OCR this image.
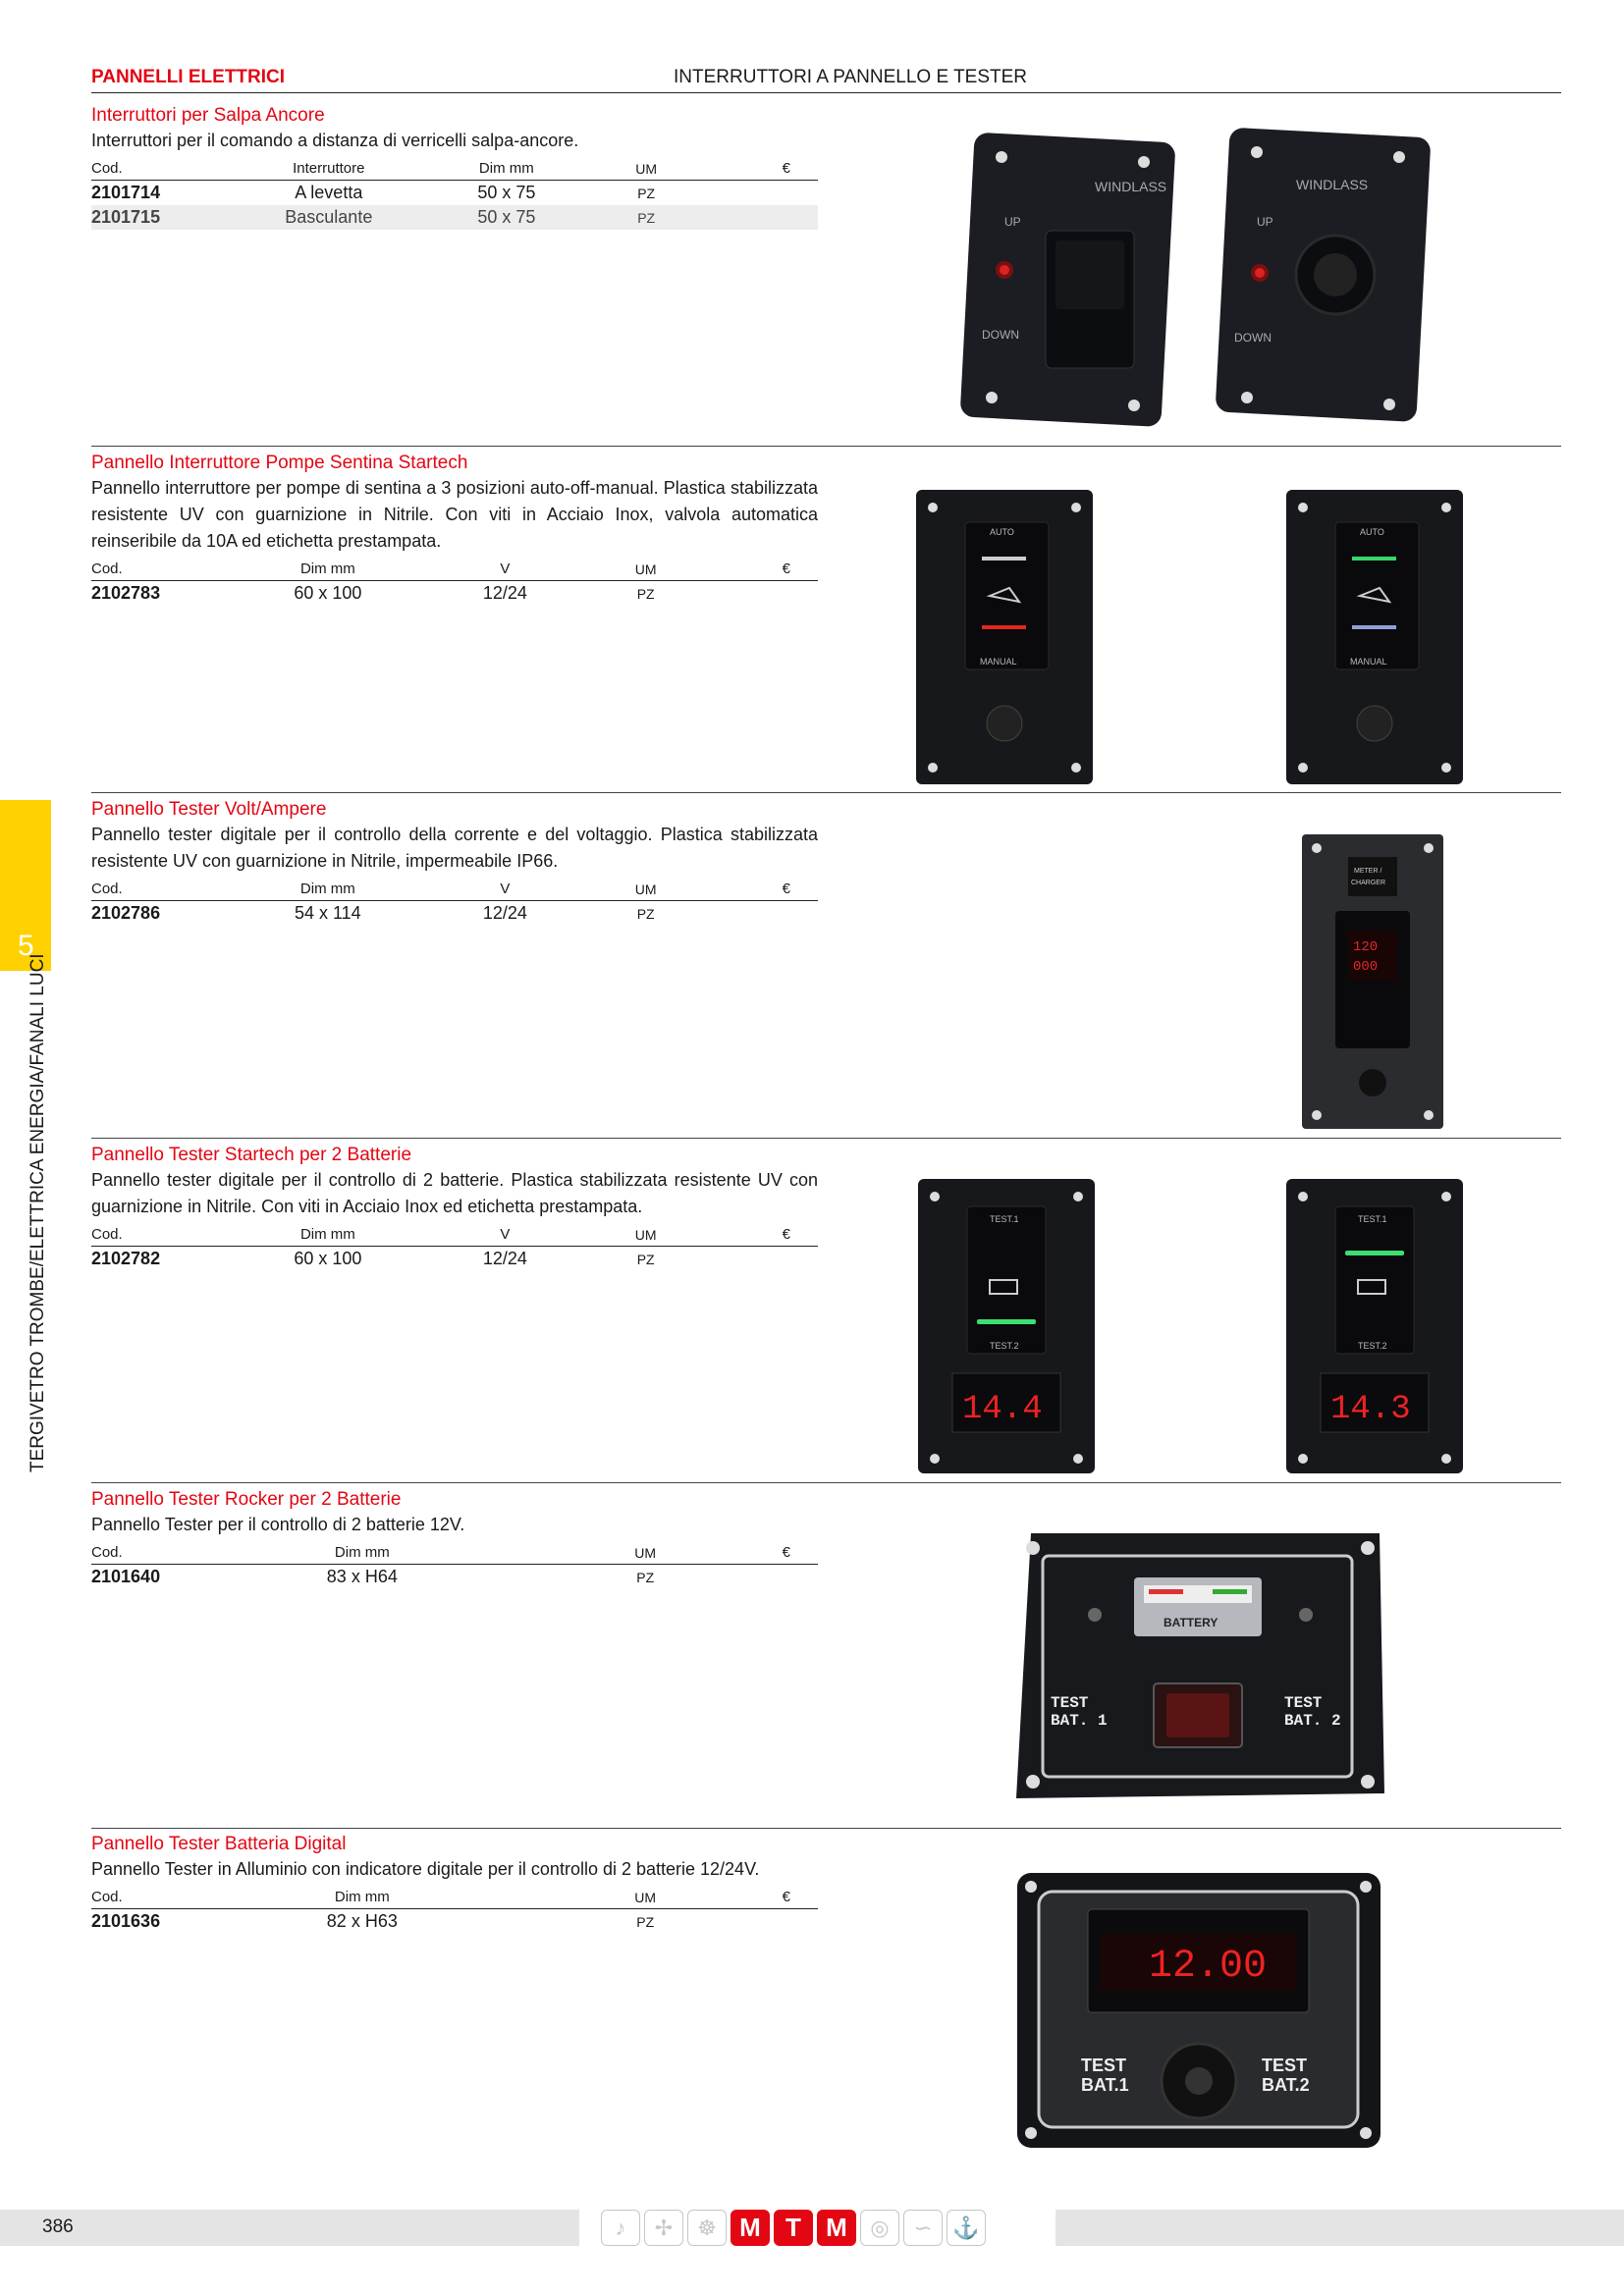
PANNELLI ELETTRICI	INTERRUTTORI A PANNELLO E TESTER
5
TERGIVETRO TROMBE/ELETTRICA ENERGIA/FANALI LUCI
Interruttori per Salpa Ancore
Interruttori per il comando a distanza di verricelli salpa-ancore.
Cod.	Interruttore	Dim mm	UM	€
2101714	A levetta	50 x 75	PZ	
2101715	Basculante	50 x 75	PZ	
Pannello Interruttore Pompe Sentina Startech
Pannello interruttore per pompe di sentina a 3 posizioni auto-off-manual. Plastica stabilizzata resistente UV con guarnizione in Nitrile. Con viti in Acciaio Inox, valvola automatica reinseribile da 10A ed etichetta prestampata.
Cod.	Dim mm	V	UM	€
2102783	60 x 100	12/24	PZ	
Pannello Tester Volt/Ampere
Pannello tester digitale per il controllo della corrente e del voltaggio. Plastica stabilizzata resistente UV con guarnizione in Nitrile, impermeabile IP66.
Cod.	Dim mm	V	UM	€
2102786	54 x 114	12/24	PZ	
Pannello Tester Startech per 2 Batterie
Pannello tester digitale per il controllo di 2 batterie. Plastica stabilizzata resistente UV con guarnizione in Nitrile. Con viti in Acciaio Inox ed etichetta prestampata.
Cod.	Dim mm	V	UM	€
2102782	60 x 100	12/24	PZ	
Pannello Tester Rocker per 2 Batterie
Pannello Tester per il controllo di 2 batterie 12V.
Cod.	Dim mm		UM	€
2101640	83 x H64		PZ	
Pannello Tester Batteria Digital
Pannello Tester in Alluminio con indicatore digitale per il controllo di 2 batterie 12/24V.
Cod.	Dim mm		UM	€
2101636	82 x H63		PZ	
WINDLASS
UP
DOWN
WINDLASS
UP
DOWN
AUTO
MANUAL
AUTO
MANUAL
METER /
CHARGER
120
000
TEST.1
TEST.2
14.4
TEST.1
TEST.2
14.3
BATTERY
TEST
BAT. 1
TEST
BAT. 2
12.00
TEST
BAT.1
TEST
BAT.2
386	♪	✢	☸ M T M	◎	∽ ⚓
